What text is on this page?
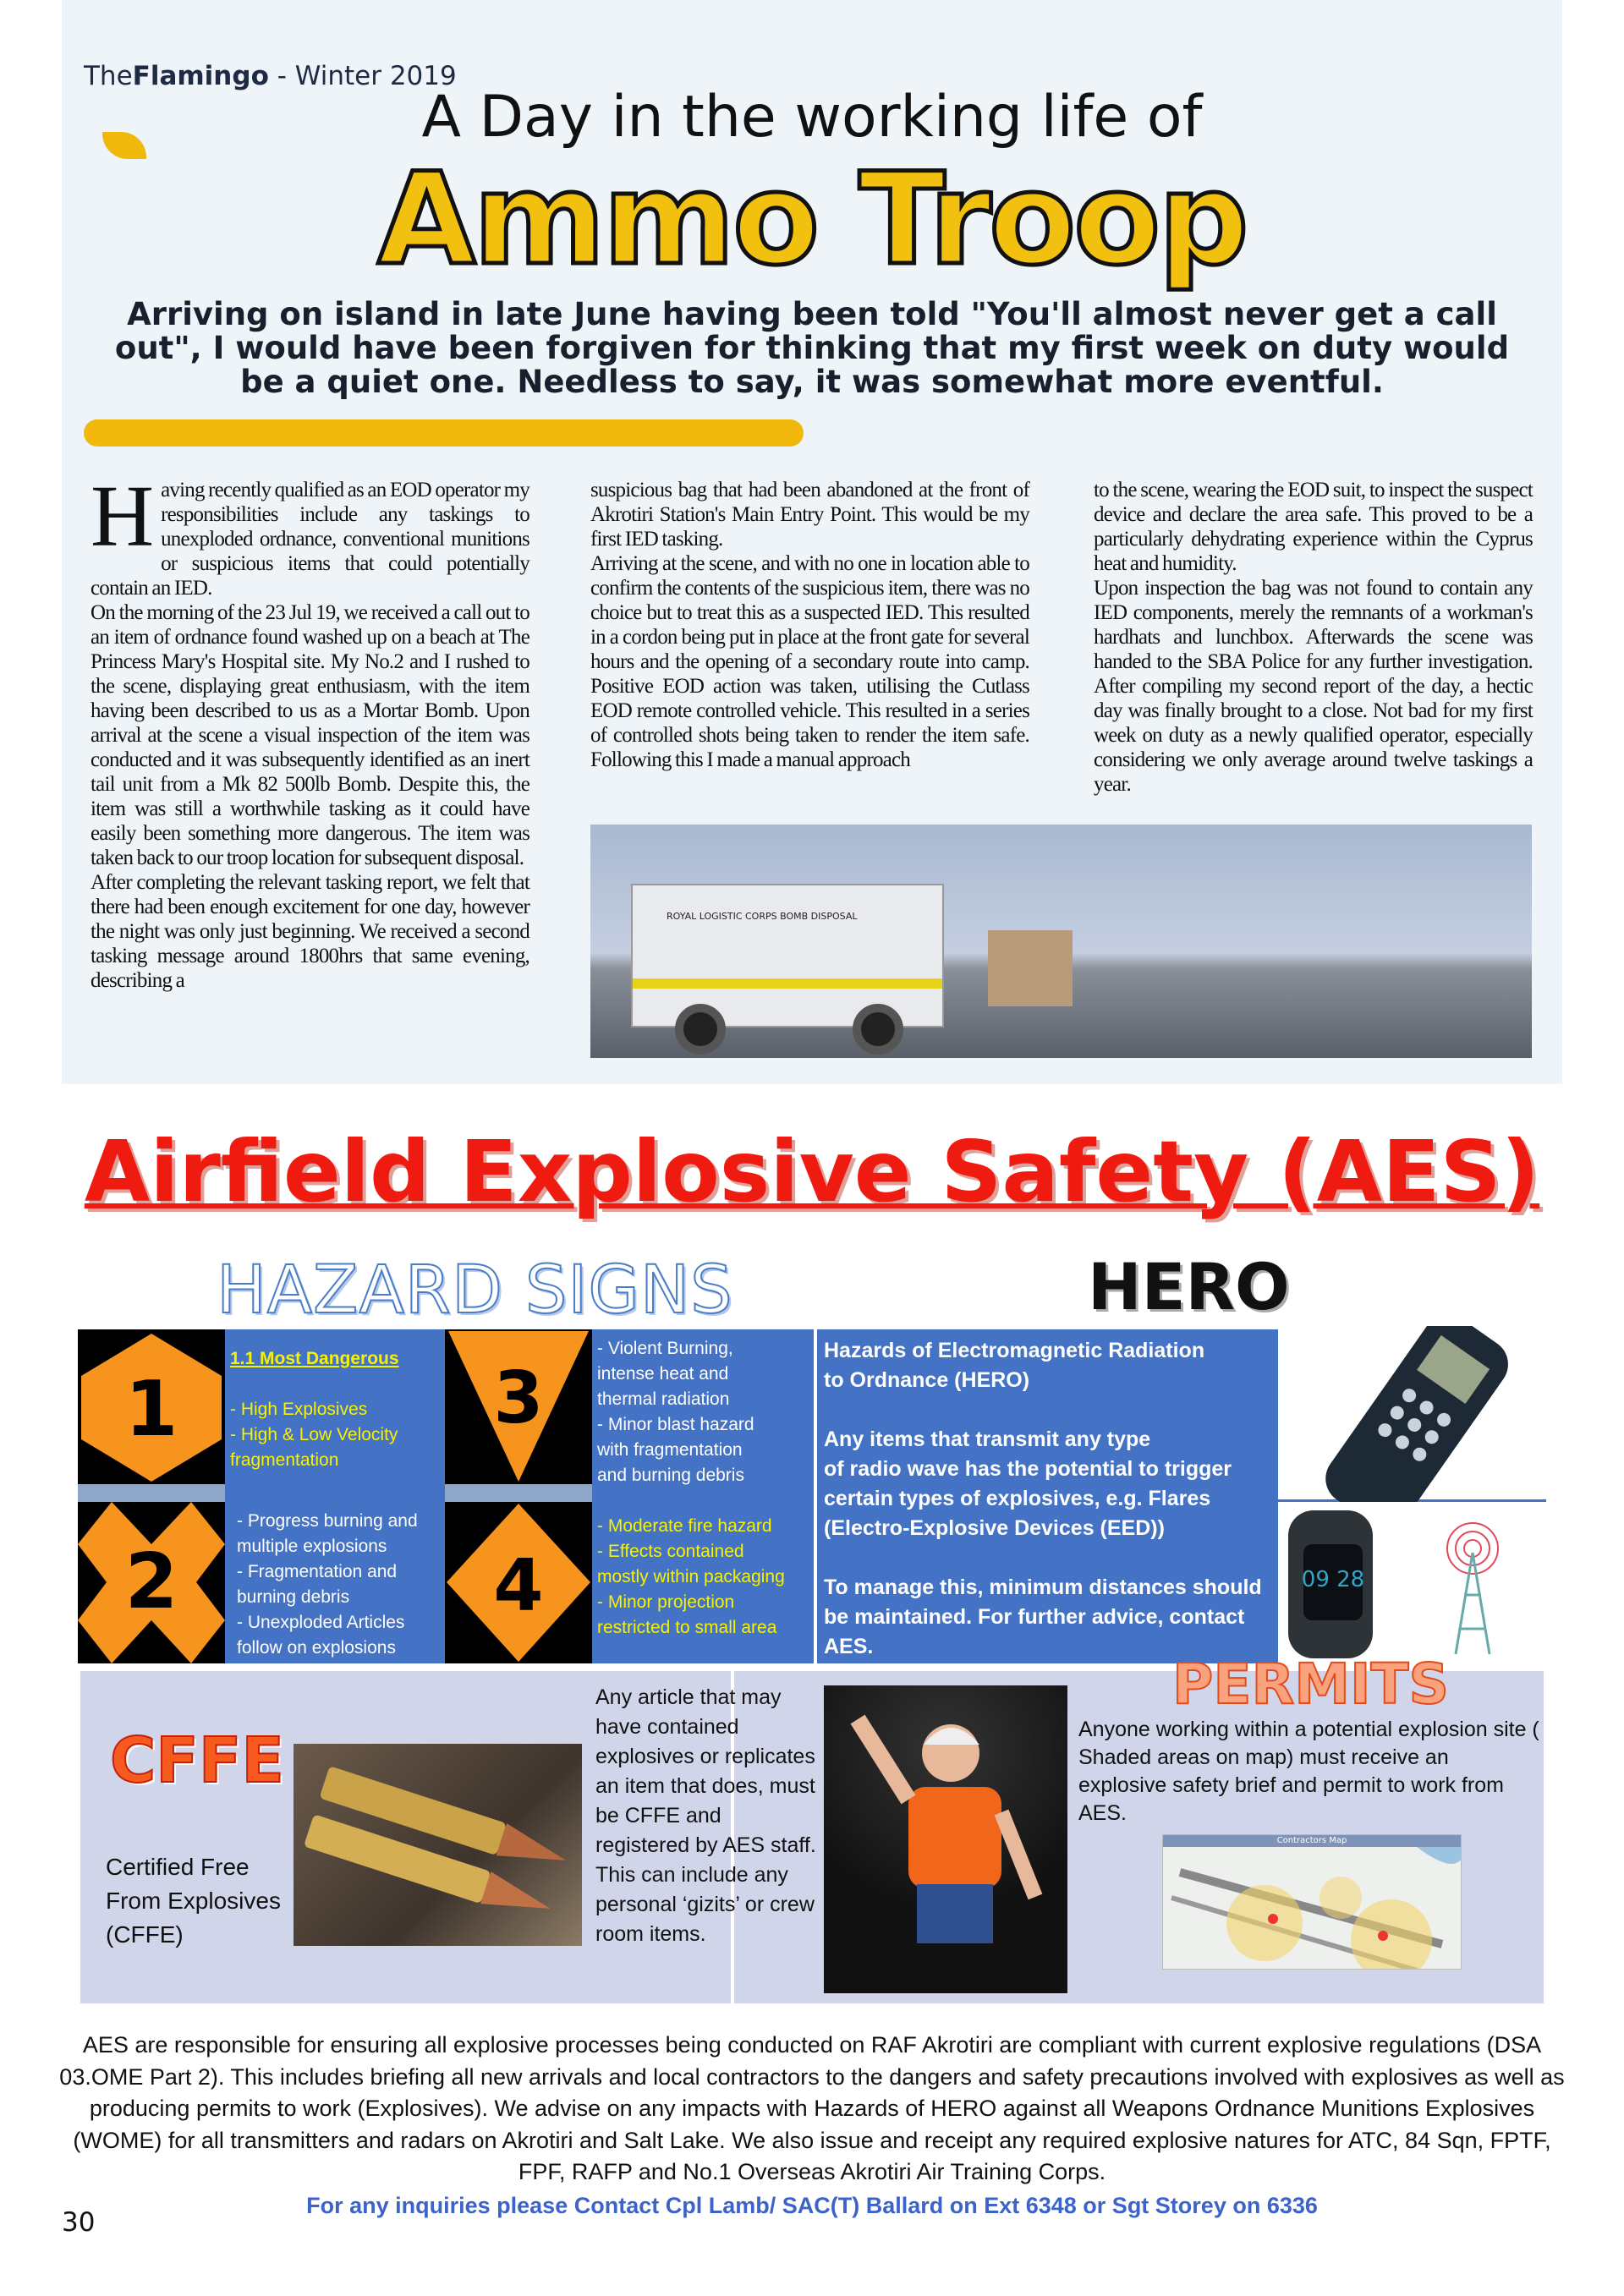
TheFlamingo - Winter 2019
A Day in the working life of
Ammo Troop
Arriving on island in late June having been told "You'll almost never get a call out", I would have been forgiven for thinking that my first week on duty would be a quiet one. Needless to say, it was somewhat more eventful.
H aving recently qualified as an EOD operator my responsibilities include any taskings to unexploded ordnance, conventional munitions or suspicious items that could potentially contain an IED.

On the morning of the 23 Jul 19, we received a call out to an item of ordnance found washed up on a beach at The Princess Mary's Hospital site. My No.2 and I rushed to the scene, displaying great enthusiasm, with the item having been described to us as a Mortar Bomb. Upon arrival at the scene a visual inspection of the item was conducted and it was subsequently identified as an inert tail unit from a Mk 82 500lb Bomb. Despite this, the item was still a worthwhile tasking as it could have easily been something more dangerous. The item was taken back to our troop location for subsequent disposal.

After completing the relevant tasking report, we felt that there had been enough excitement for one day, however the night was only just beginning. We received a second tasking message around 1800hrs that same evening, describing a

suspicious bag that had been abandoned at the front of Akrotiri Station's Main Entry Point. This would be my first IED tasking.

Arriving at the scene, and with no one in location able to confirm the contents of the suspicious item, there was no choice but to treat this as a suspected IED. This resulted in a cordon being put in place at the front gate for several hours and the opening of a secondary route into camp. Positive EOD action was taken, utilising the Cutlass EOD remote controlled vehicle. This resulted in a series of controlled shots being taken to render the item safe. Following this I made a manual approach

to the scene, wearing the EOD suit, to inspect the suspect device and declare the area safe. This proved to be a particularly dehydrating experience within the Cyprus heat and humidity.

Upon inspection the bag was not found to contain any IED components, merely the remnants of a workman's hardhats and lunchbox. Afterwards the scene was handed to the SBA Police for any further investigation. After compiling my second report of the day, a hectic day was finally brought to a close. Not bad for my first week on duty as a newly qualified operator, especially considering we only average around twelve taskings a year.

ROYAL LOGISTIC CORPS BOMB DISPOSAL
Airfield Explosive Safety (AES)
HAZARD SIGNS	HERO
1
2
1.1 Most Dangerous

- High Explosives
- High & Low Velocity
fragmentation
- Progress burning and
multiple explosions
- Fragmentation and
burning debris
- Unexploded Articles
follow on explosions
3
4
- Violent Burning,
intense heat and
thermal radiation
- Minor blast hazard
with fragmentation
and burning debris
- Moderate fire hazard
- Effects contained
mostly within packaging
- Minor projection
restricted to small area
Hazards of Electromagnetic Radiation
to Ordnance (HERO)

Any items that transmit any type
of radio wave has the potential to trigger certain types of explosives, e.g. Flares (Electro-Explosive Devices (EED))

To manage this, minimum distances should be maintained. For further advice, contact AES.
09 28
CFFE
Certified Free From Explosives (CFFE)
Any article that may have contained explosives or replicates an item that does, must be CFFE and registered by AES staff. This can include any personal ‘gizits’ or crew room items.
PERMITS
Anyone working within a potential explosion site ( Shaded areas on map) must receive an explosive safety brief and permit to work from AES.
Contractors Map
AES are responsible for ensuring all explosive processes being conducted on RAF Akrotiri are compliant with current explosive regulations (DSA 03.OME Part 2). This includes briefing all new arrivals and local contractors to the dangers and safety precautions involved with explosives as well as producing permits to work (Explosives). We advise on any impacts with Hazards of HERO against all Weapons Ordnance Munitions Explosives (WOME) for all transmitters and radars on Akrotiri and Salt Lake. We also issue and receipt any required explosive natures for ATC, 84 Sqn, FPTF, FPF, RAFP and No.1 Overseas Akrotiri Air Training Corps.
For any inquiries please Contact Cpl Lamb/ SAC(T) Ballard on Ext 6348 or Sgt Storey on 6336
30
